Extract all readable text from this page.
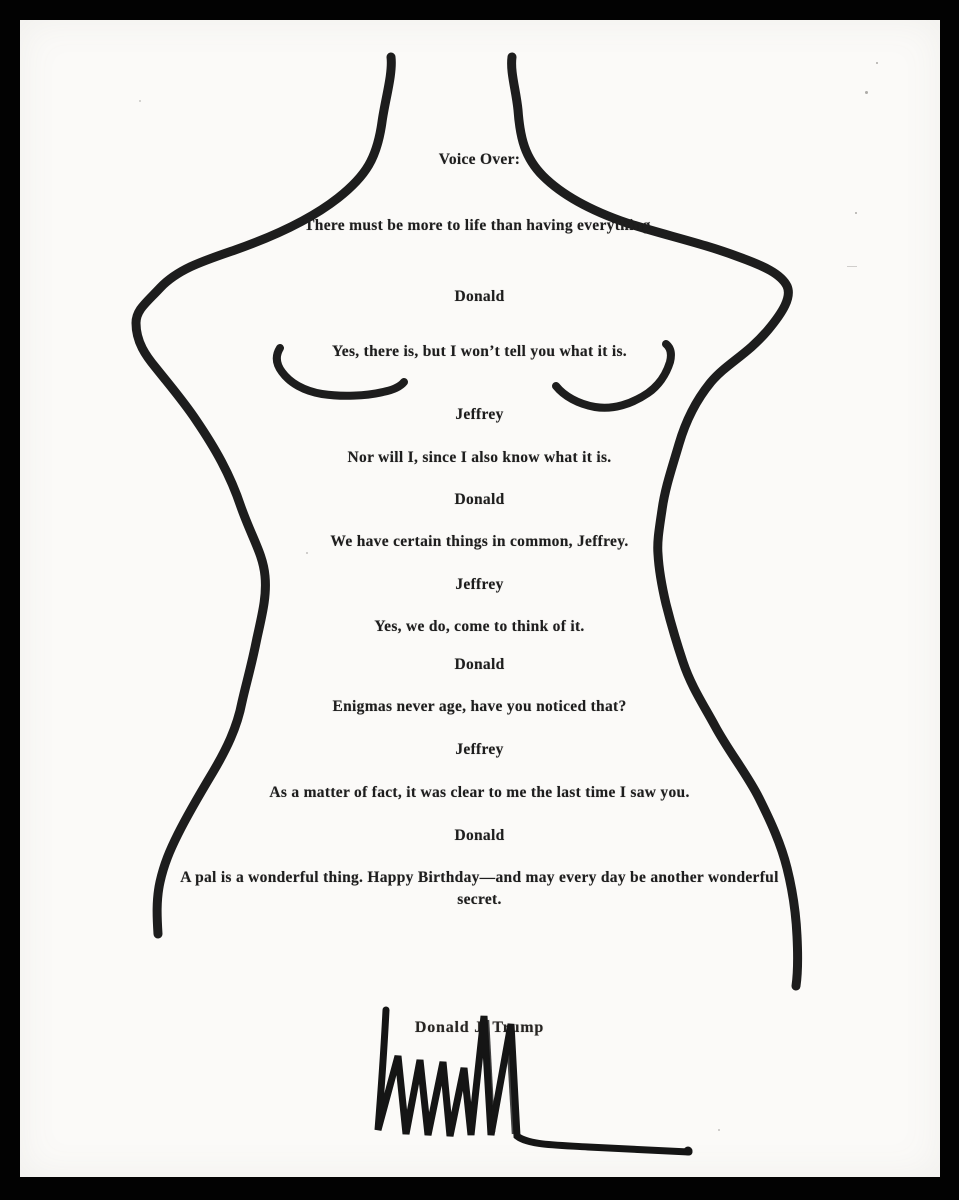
Voice Over:
There must be more to life than having everything.
Donald
Yes, there is, but I won’t tell you what it is.
Jeffrey
Nor will I, since I also know what it is.
Donald
We have certain things in common, Jeffrey.
Jeffrey
Yes, we do, come to think of it.
Donald
Enigmas never age, have you noticed that?
Jeffrey
As a matter of fact, it was clear to me the last time I saw you.
Donald
A pal is a wonderful thing. Happy Birthday—and may every day be another wonderful secret.
Donald J. Trump
